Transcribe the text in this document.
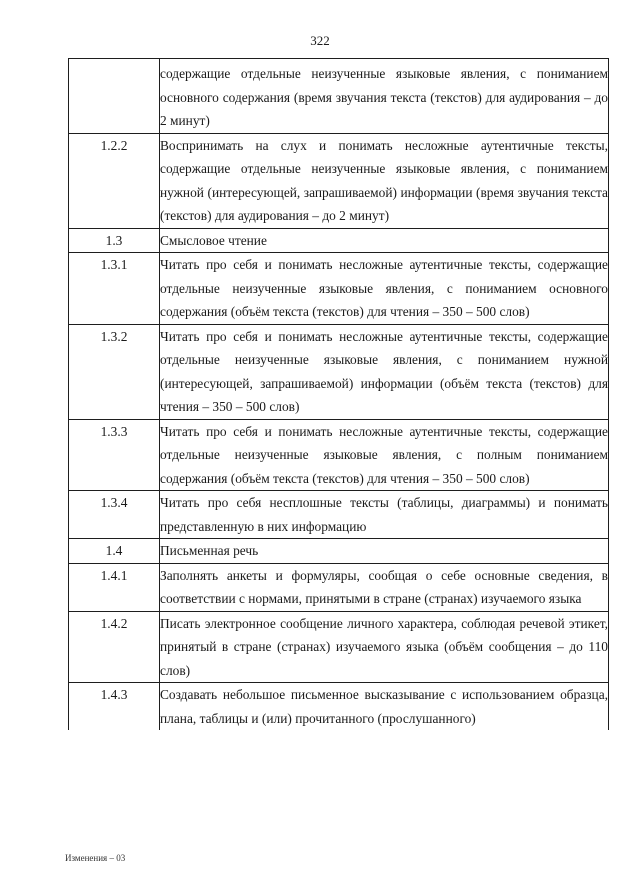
322

	содержащие отдельные неизученные языковые явления, с пониманием основного содержания (время звучания текста (текстов) для аудирования – до 2 минут)

1.2.2	Воспринимать на слух и понимать несложные аутентичные тексты, содержащие отдельные неизученные языковые явления, с пониманием нужной (интересующей, запрашиваемой) информации (время звучания текста (текстов) для аудирования – до 2 минут)

1.3	Смысловое чтение

1.3.1	Читать про себя и понимать несложные аутентичные тексты, содержащие отдельные неизученные языковые явления, с пониманием основного содержания (объём текста (текстов) для чтения – 350 – 500 слов)

1.3.2	Читать про себя и понимать несложные аутентичные тексты, содержащие отдельные неизученные языковые явления, с пониманием нужной (интересующей, запрашиваемой) информации (объём текста (текстов) для чтения – 350 – 500 слов)

1.3.3	Читать про себя и понимать несложные аутентичные тексты, содержащие отдельные неизученные языковые явления, с полным пониманием содержания (объём текста (текстов) для чтения – 350 – 500 слов)

1.3.4	Читать про себя несплошные тексты (таблицы, диаграммы) и понимать представленную в них информацию

1.4	Письменная речь

1.4.1	Заполнять анкеты и формуляры, сообщая о себе основные сведения, в соответствии с нормами, принятыми в стране (странах) изучаемого языка

1.4.2	Писать электронное сообщение личного характера, соблюдая речевой этикет, принятый в стране (странах) изучаемого языка (объём сообщения – до 110 слов)

1.4.3	Создавать небольшое письменное высказывание с использованием образца, плана, таблицы и (или) прочитанного (прослушанного)
Изменения – 03
